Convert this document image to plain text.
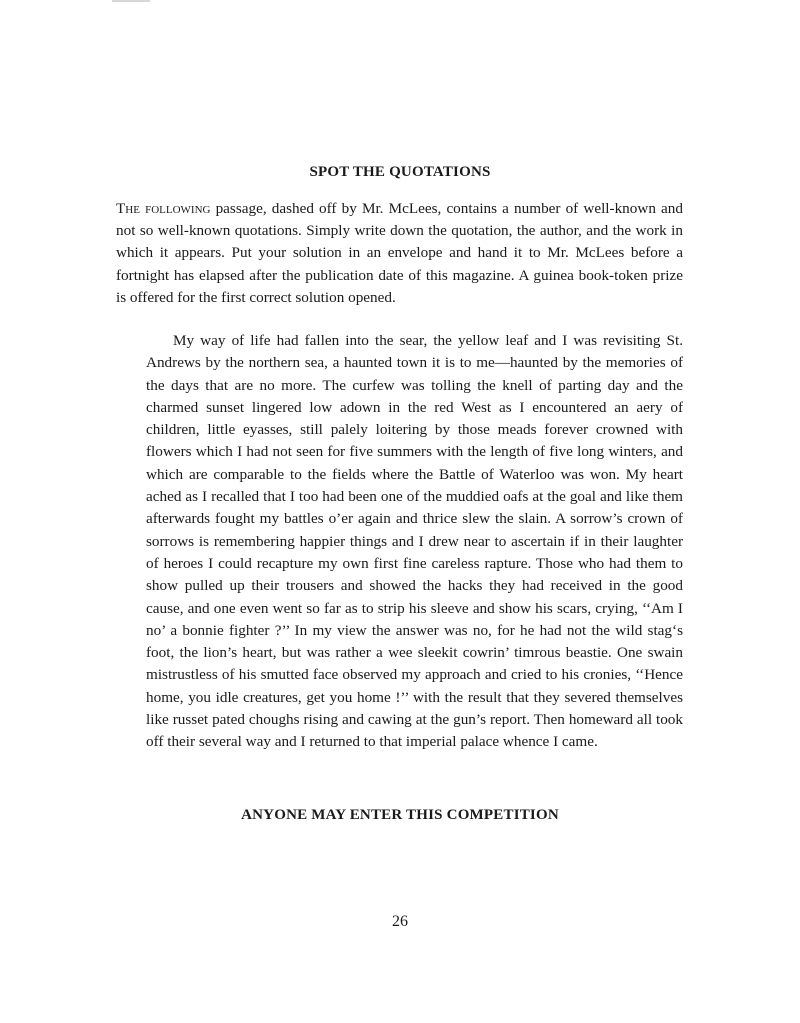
SPOT THE QUOTATIONS

The following passage, dashed off by Mr. McLees, contains a number of well-known and not so well-known quotations. Simply write down the quotation, the author, and the work in which it appears. Put your solution in an envelope and hand it to Mr. McLees before a fortnight has elapsed after the publication date of this magazine. A guinea book-token prize is offered for the first correct solution opened.

My way of life had fallen into the sear, the yellow leaf and I was revisiting St. Andrews by the northern sea, a haunted town it is to me—haunted by the memories of the days that are no more. The curfew was tolling the knell of parting day and the charmed sunset lingered low adown in the red West as I encountered an aery of children, little eyasses, still palely loitering by those meads forever crowned with flowers which I had not seen for five summers with the length of five long winters, and which are comparable to the fields where the Battle of Waterloo was won. My heart ached as I recalled that I too had been one of the muddied oafs at the goal and like them afterwards fought my battles o’er again and thrice slew the slain. A sorrow’s crown of sorrows is remembering happier things and I drew near to ascertain if in their laughter of heroes I could recapture my own first fine careless rapture. Those who had them to show pulled up their trousers and showed the hacks they had received in the good cause, and one even went so far as to strip his sleeve and show his scars, crying, ‘‘Am I no’ a bonnie fighter ?’’ In my view the answer was no, for he had not the wild stag‘s foot, the lion’s heart, but was rather a wee sleekit cowrin’ timrous beastie. One swain mistrustless of his smutted face observed my approach and cried to his cronies, ‘‘Hence home, you idle creatures, get you home !’’ with the result that they severed themselves like russet pated choughs rising and cawing at the gun’s report. Then homeward all took off their several way and I returned to that imperial palace whence I came.

ANYONE MAY ENTER THIS COMPETITION
26
